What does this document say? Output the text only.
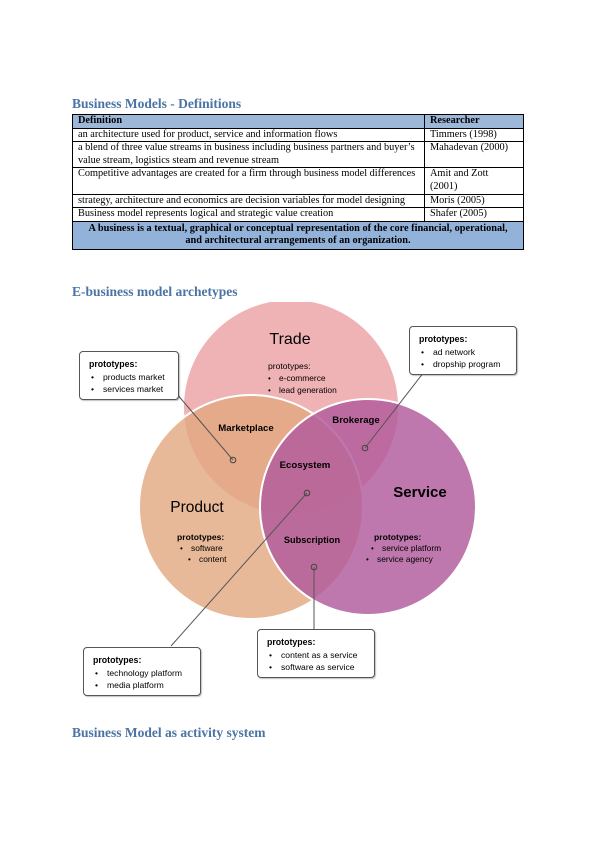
Business Models - Definitions
Definition	Researcher
an architecture used for product, service and information flows	Timmers (1998)
a blend of three value streams in business including business partners and buyer’s value stream, logistics steam and revenue stream	Mahadevan (2000)
Competitive advantages are created for a firm through business model differences	Amit and Zott (2001)
strategy, architecture and economics are decision variables for model designing	Moris (2005)
Business model represents logical and strategic value creation	Shafer (2005)
A business is a textual, graphical or conceptual representation of the core financial, operational, and architectural arrangements of an organization.	
E-business model archetypes
Trade
Product
Service
prototypes:
• e-commerce
• lead generation
prototypes:
• software
• content
prototypes:
• service platform
• service agency
Marketplace
Brokerage
Ecosystem
Subscription
prototypes:
• products market
• services market
prototypes:
• ad network
• dropship program
prototypes:
• technology platform
• media platform
prototypes:
• content as a service
• software as service
Business Model as activity system
